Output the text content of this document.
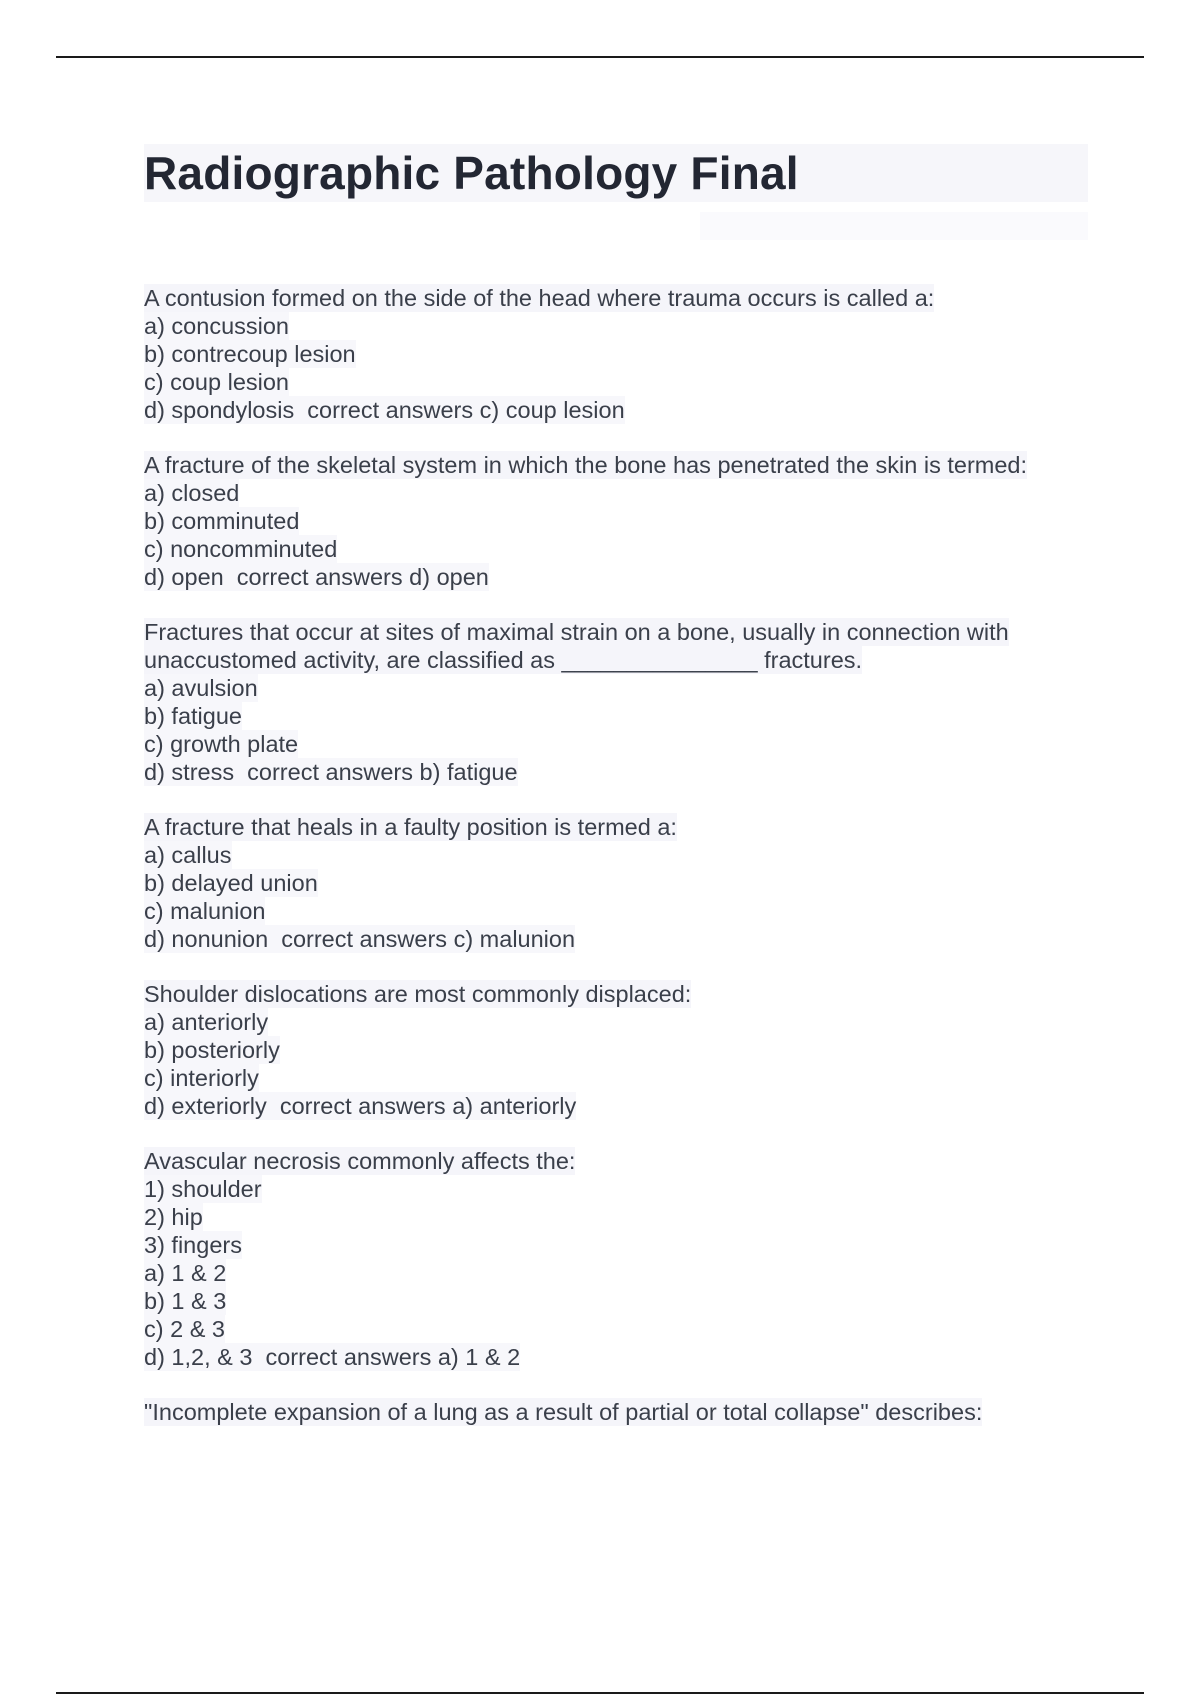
Radiographic Pathology Final
A contusion formed on the side of the head where trauma occurs is called a:
a) concussion
b) contrecoup lesion
c) coup lesion
d) spondylosis  correct answers c) coup lesion
A fracture of the skeletal system in which the bone has penetrated the skin is termed:
a) closed
b) comminuted
c) noncomminuted
d) open  correct answers d) open
Fractures that occur at sites of maximal strain on a bone, usually in connection with
unaccustomed activity, are classified as _______________ fractures.
a) avulsion
b) fatigue
c) growth plate
d) stress  correct answers b) fatigue
A fracture that heals in a faulty position is termed a:
a) callus
b) delayed union
c) malunion
d) nonunion  correct answers c) malunion
Shoulder dislocations are most commonly displaced:
a) anteriorly
b) posteriorly
c) interiorly
d) exteriorly  correct answers a) anteriorly
Avascular necrosis commonly affects the:
1) shoulder
2) hip
3) fingers
a) 1 & 2
b) 1 & 3
c) 2 & 3
d) 1,2, & 3  correct answers a) 1 & 2
"Incomplete expansion of a lung as a result of partial or total collapse" describes:
